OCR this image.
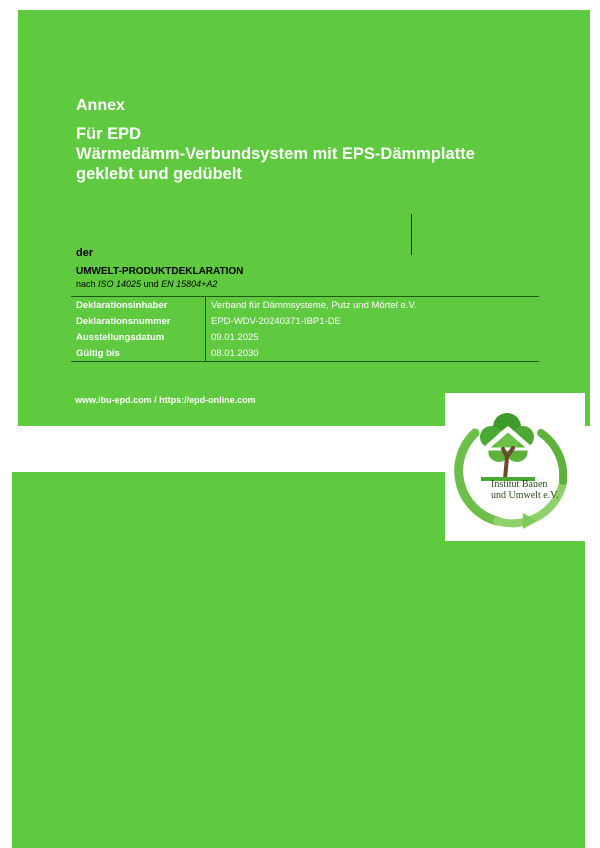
Annex
Für EPD
Wärmedämm-Verbundsystem mit EPS-Dämmplatte
geklebt und gedübelt
der
UMWELT-PRODUKTDEKLARATION
nach ISO 14025 und EN 15804+A2
Deklarationsinhaber	Verband für Dämmsysteme, Putz und Mörtel e.V.
Deklarationsnummer	EPD-WDV-20240371-IBP1-DE
Ausstellungsdatum	09.01.2025
Gültig bis	08.01.2030
www.ibu-epd.com / https://epd-online.com
Institut Bauen
und Umwelt e.V.
